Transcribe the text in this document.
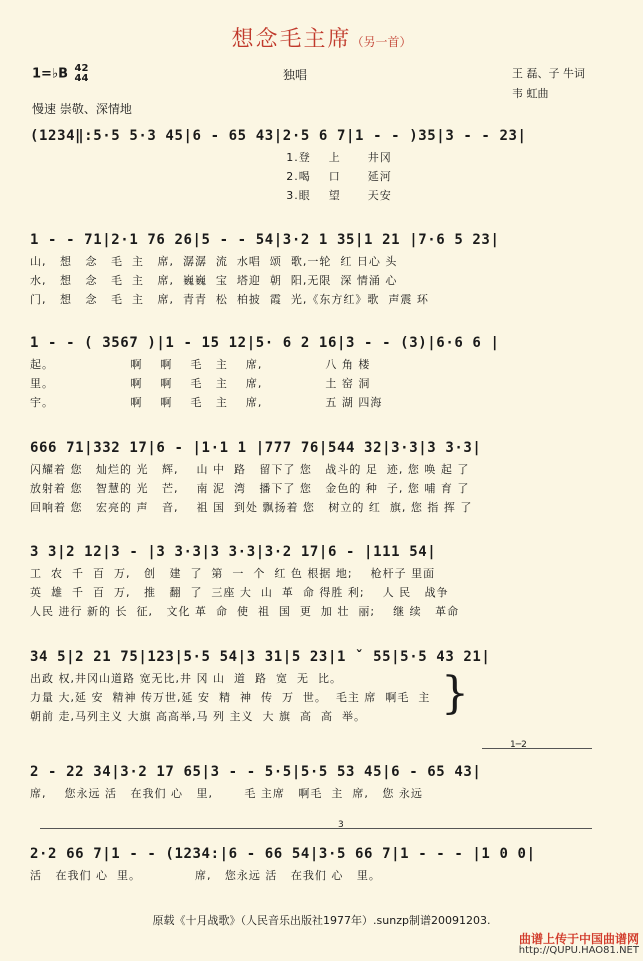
想念毛主席（另一首）
1=♭B 42
44	独唱	王 磊、子 牛词
韦 虹曲
慢速 崇敬、深情地
(1234‖:5·5 5·3 45|6 - 65 43|2·5 6 7|1 - - )35|3 - - 23|
1.登    上      井冈
2.喝    口      延河
3.眼    望      天安
1 - - 71|2·1 76 26|5 - - 54|3·2 1 35|1 21 |7·6 5 23|
山,   想   念   毛  主   席,  潺潺  流  水唱  颂  歌,一轮  红 日心 头
水,   想   念   毛  主   席,  巍巍  宝  塔迎  朝  阳,无限  深 情涌 心
门,   想   念   毛  主   席,  青青  松  柏披  霞  光,《东方红》歌  声震 环
1 - - ( 3567 )|1 - 15 12|5· 6 2 16|3 - - (3)|6·6 6 |
起。                 啊    啊    毛   主    席,              八 角 楼
里。                 啊    啊    毛   主    席,              土 窑 洞
宇。                 啊    啊    毛   主    席,              五 湖 四海
666 71|332 17|6 - |1·1 1 |777 76|544 32|3·3|3 3·3|
闪耀着 您   灿烂的 光   辉,    山 中  路   留下了 您   战斗的 足  迹, 您 唤 起 了
放射着 您   智慧的 光   芒,    南 泥  湾   播下了 您   金色的 种  子, 您 哺 育 了
回响着 您   宏亮的 声   音,    祖 国  到处 飘扬着 您   树立的 红  旗, 您 指 挥 了
3 3|2 12|3 - |3 3·3|3 3·3|3·2 17|6 - |111 54|
工  农  千  百  万,   创   建  了  第  一  个  红 色 根据 地;    枪杆子 里面
英  雄  千  百  万,   推   翻  了  三座 大  山  革  命 得胜 利;    人 民   战争
人民 进行 新的 长  征,   文化 革  命  使  祖  国  更  加 壮  丽;    继 续   革命
34 5|2 21 75|123|5·5 54|3 31|5 23|1 ˇ 55|5·5 43 21|
出政 权,井冈山道路 宽无比,井 冈 山  道  路  宽  无  比。
力量 大,延 安  精神 传万世,延 安  精  神  传  万  世。  毛主 席  啊毛  主
朝前 走,马列主义 大旗 高高举,马 列 主义  大 旗  高  高  举。	}
1─2
2 - 22 34|3·2 17 65|3 - - 5·5|5·5 53 45|6 - 65 43|
席,    您永远 活   在我们 心   里,       毛 主席   啊毛  主  席,   您 永远
3
2·2 66 7|1 - - (1234:|6 - 66 54|3·5 66 7|1 - - - |1 0 0|
活   在我们 心  里。            席,   您永远 活   在我们 心   里。
原载《十月战歌》（人民音乐出版社1977年）.sunzp制谱20091203.
曲谱上传于中国曲谱网
http://QUPU.HAO81.NET
